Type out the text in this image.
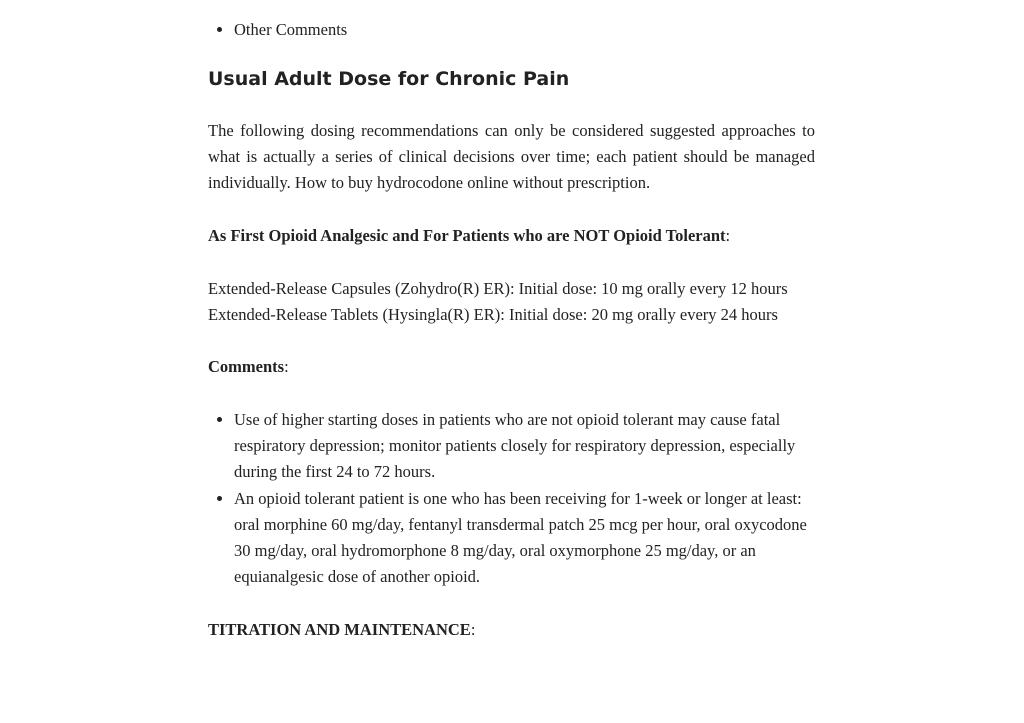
• Other Comments
Usual Adult Dose for Chronic Pain

The following dosing recommendations can only be considered suggested approaches to what is actually a series of clinical decisions over time; each patient should be managed individually. How to buy hydrocodone online without prescription.

As First Opioid Analgesic and For Patients who are NOT Opioid Tolerant:

Extended-Release Capsules (Zohydro(R) ER): Initial dose: 10 mg orally every 12 hours
Extended-Release Tablets (Hysingla(R) ER): Initial dose: 20 mg orally every 24 hours

Comments:

• Use of higher starting doses in patients who are not opioid tolerant may cause fatal respiratory depression; monitor patients closely for respiratory depression, especially during the first 24 to 72 hours.
• An opioid tolerant patient is one who has been receiving for 1-week or longer at least: oral morphine 60 mg/day, fentanyl transdermal patch 25 mcg per hour, oral oxycodone 30 mg/day, oral hydromorphone 8 mg/day, oral oxymorphone 25 mg/day, or an equianalgesic dose of another opioid.

TITRATION AND MAINTENANCE:
